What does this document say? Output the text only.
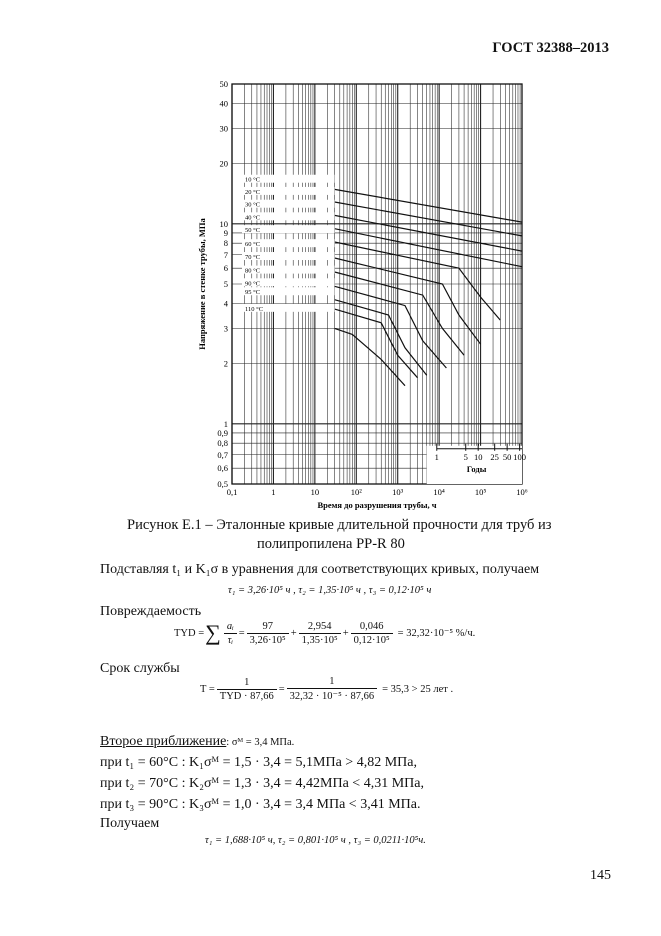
ГОСТ 32388–2013
0,5
0,6
0,7
0,8
0,9
1
2
3
4
5
6
7
8
9
10
20
30
40
50
0,1	1	10	10²	10³	10⁴	10⁵	10⁶
Время до разрушения трубы, ч
Напряжение в стенке трубы, МПа
1	5 10 25 50 100
Годы
10 °C
20 °C
30 °C
40 °C
50 °C
60 °C
70 °C
80 °C
90 °C
95 °C
110 °C
Рисунок Е.1 – Эталонные кривые длительной прочности для труб из
полипропилена PP-R 80
Подставляя t₁ и K₁σ в уравнения для соответствующих кривых, получаем
τ₁ = 3,26·10⁵ ч , τ₂ = 1,35·10⁵ ч , τ₃ = 0,12·10⁵ ч
Повреждаемость
TYD = ∑ $\frac{\text{aᵢ}}{\text{τᵢ}} = \frac{97}{\text{3,26·10⁵}} + \frac{2,954}{\text{1,35·10⁵}} + \frac{0,046}{\text{0,12·10⁵}} = 32,32\cdot 10^{-5}$ %/ч.
Срок службы
T =
1
TYD · 87,66
= $\frac{1}{\text{32,32 · 10⁻⁵ · 87,66}} = 35,3 > 25$ лет .
Второе приближение: σᴹ = 3,4 МПа.
при t₁ = 60°C : K₁σᴹ = 1,5 · 3,4 = 5,1МПа > 4,82 МПа,
при t₂ = 70°C : K₂σᴹ = 1,3 · 3,4 = 4,42МПа < 4,31 МПа,
при t₃ = 90°C : K₃σᴹ = 1,0 · 3,4 = 3,4 МПа < 3,41 МПа.
Получаем
τ₁ = 1,688·10⁵ ч, τ₂ = 0,801·10⁵ ч , τ₃ = 0,0211·10⁵ч.
145
